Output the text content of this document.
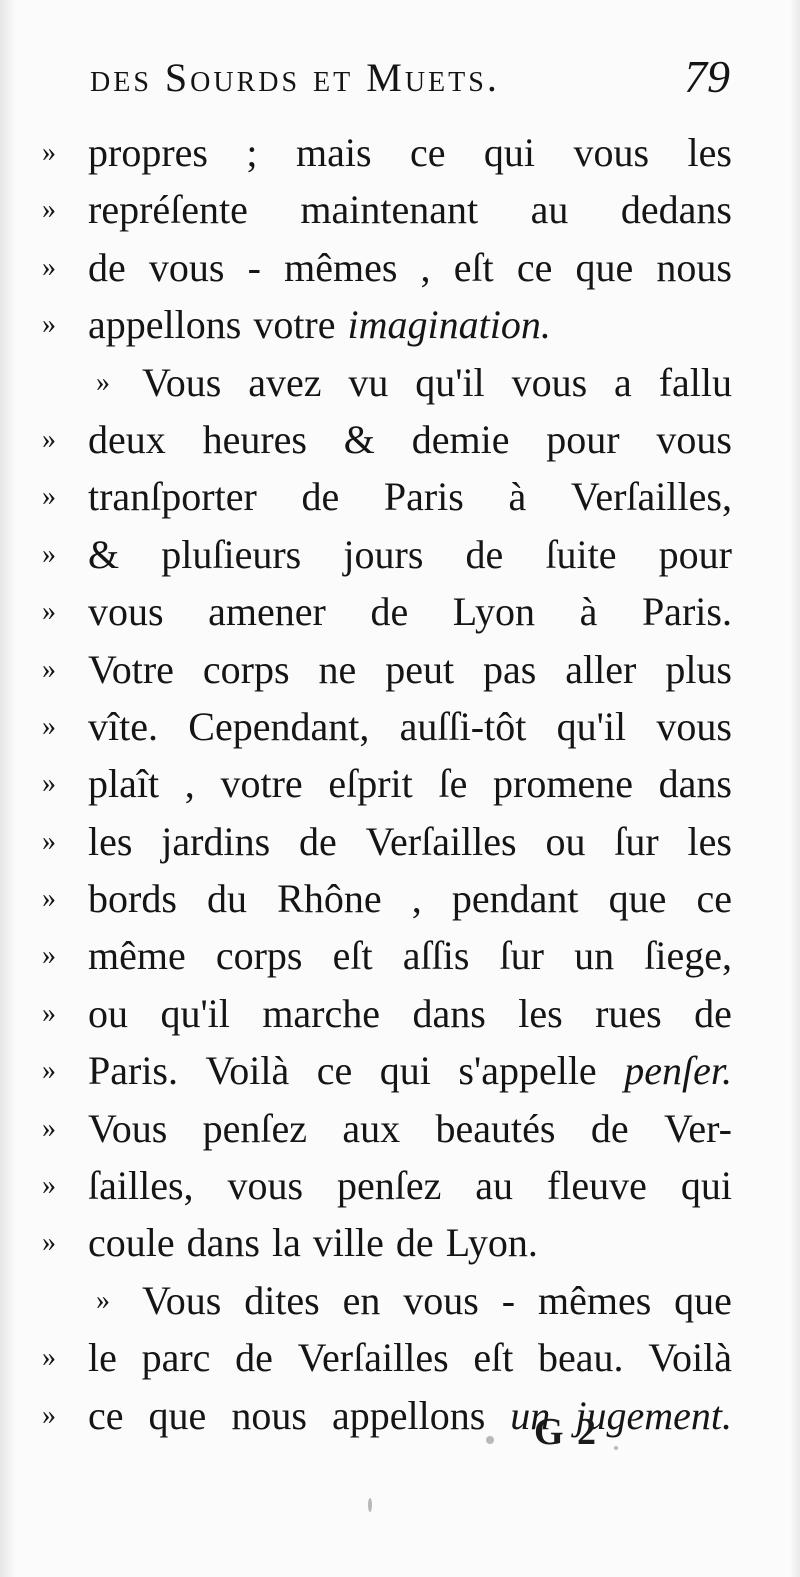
des Sourds et Muets.	79
» propres ; mais ce qui vous les
» repréſente maintenant au dedans
» de vous - mêmes , eſt ce que nous
» appellons votre imagination.
» Vous avez vu qu'il vous a fallu
» deux heures & demie pour vous
» tranſporter de Paris à Verſailles,
» & pluſieurs jours de ſuite pour
» vous amener de Lyon à Paris.
» Votre corps ne peut pas aller plus
» vîte. Cependant, auſſi-tôt qu'il vous
» plaît , votre eſprit ſe promene dans
» les jardins de Verſailles ou ſur les
» bords du Rhône , pendant que ce
» même corps eſt aſſis ſur un ſiege,
» ou qu'il marche dans les rues de
» Paris. Voilà ce qui s'appelle penſer.
» Vous penſez aux beautés de Ver-
» ſailles, vous penſez au fleuve qui
» coule dans la ville de Lyon.
» Vous dites en vous - mêmes que
» le parc de Verſailles eſt beau. Voilà
» ce que nous appellons un jugement.
G 2
